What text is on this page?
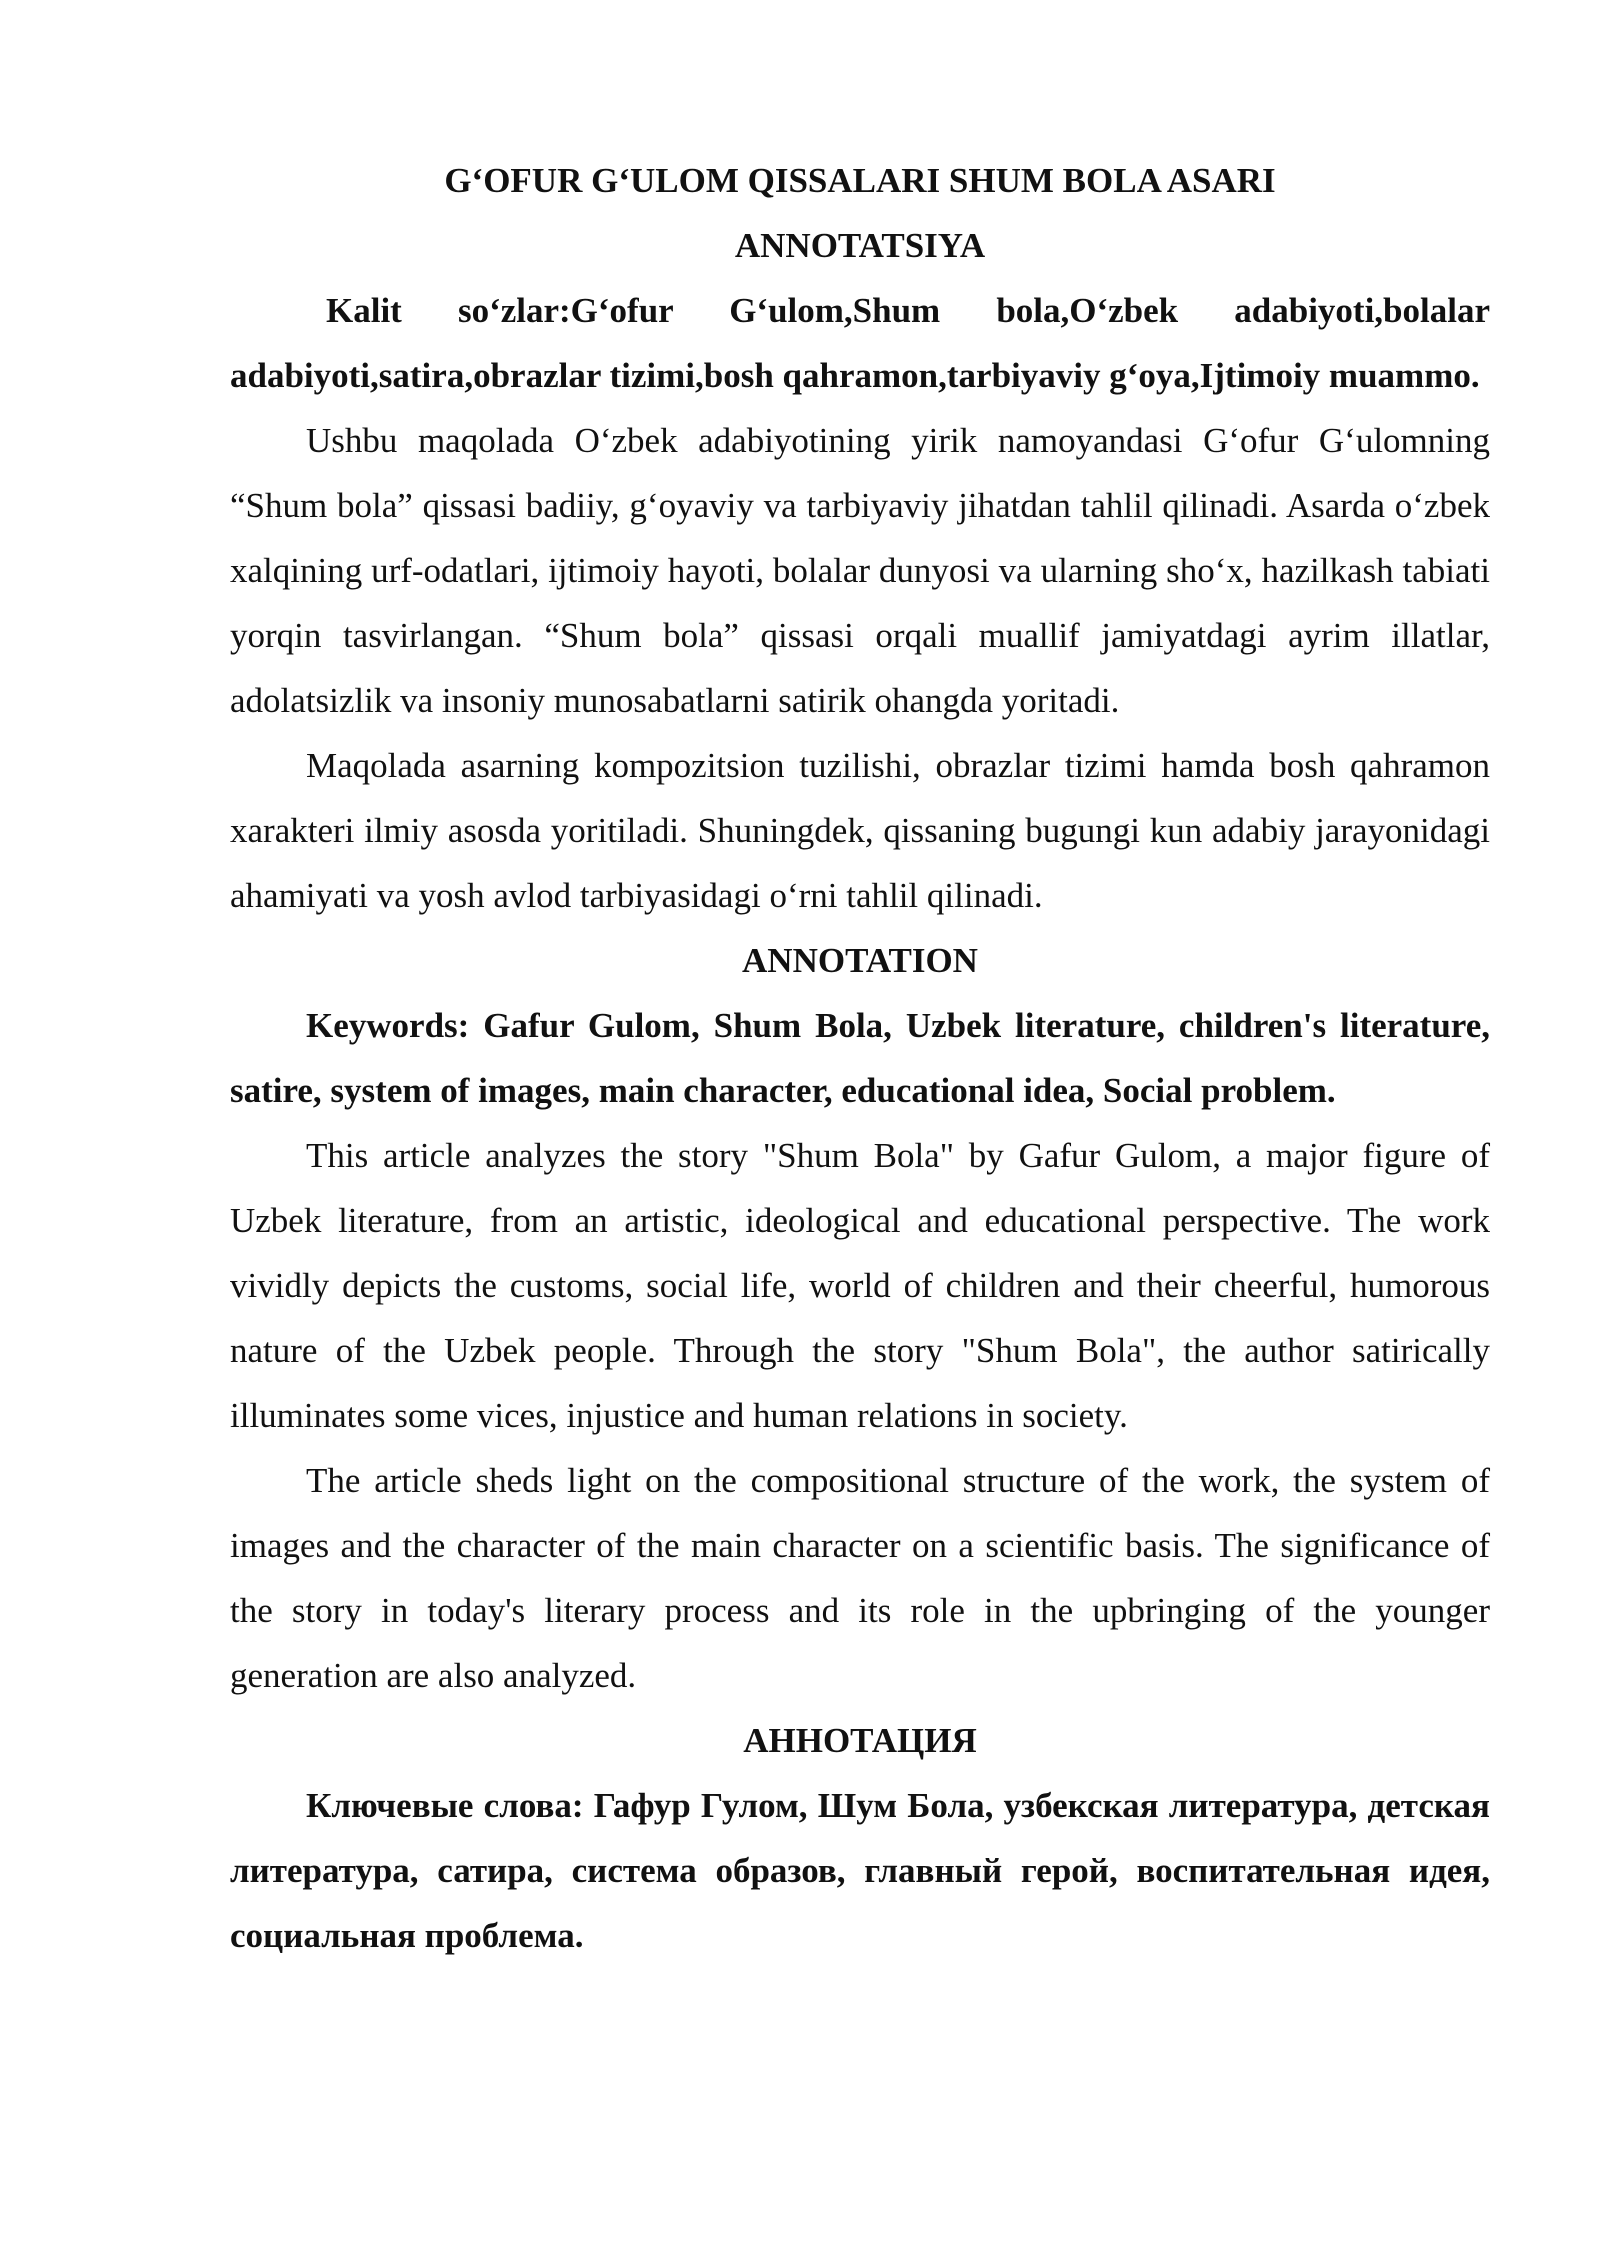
G‘OFUR G‘ULOM QISSALARI SHUM BOLA ASARI

ANNOTATSIYA

Kalit so‘zlar:G‘ofur G‘ulom,Shum bola,O‘zbek adabiyoti,bolalar adabiyoti,satira,obrazlar tizimi,bosh qahramon,tarbiyaviy g‘oya,Ijtimoiy muammo.

Ushbu maqolada O‘zbek adabiyotining yirik namoyandasi G‘ofur G‘ulomning “Shum bola” qissasi badiiy, g‘oyaviy va tarbiyaviy jihatdan tahlil qilinadi. Asarda o‘zbek xalqining urf-odatlari, ijtimoiy hayoti, bolalar dunyosi va ularning sho‘x, hazilkash tabiati yorqin tasvirlangan. “Shum bola” qissasi orqali muallif jamiyatdagi ayrim illatlar, adolatsizlik va insoniy munosabatlarni satirik ohangda yoritadi.

Maqolada asarning kompozitsion tuzilishi, obrazlar tizimi hamda bosh qahramon xarakteri ilmiy asosda yoritiladi. Shuningdek, qissaning bugungi kun adabiy jarayonidagi ahamiyati va yosh avlod tarbiyasidagi o‘rni tahlil qilinadi.

ANNOTATION

Keywords: Gafur Gulom, Shum Bola, Uzbek literature, children's literature, satire, system of images, main character, educational idea, Social problem.

This article analyzes the story "Shum Bola" by Gafur Gulom, a major figure of Uzbek literature, from an artistic, ideological and educational perspective. The work vividly depicts the customs, social life, world of children and their cheerful, humorous nature of the Uzbek people. Through the story "Shum Bola", the author satirically illuminates some vices, injustice and human relations in society.

The article sheds light on the compositional structure of the work, the system of images and the character of the main character on a scientific basis. The significance of the story in today's literary process and its role in the upbringing of the younger generation are also analyzed.

АННОТАЦИЯ

Ключевые слова: Гафур Гулом, Шум Бола, узбекская литература, детская литература, сатира, система образов, главный герой, воспитательная идея, социальная проблема.
